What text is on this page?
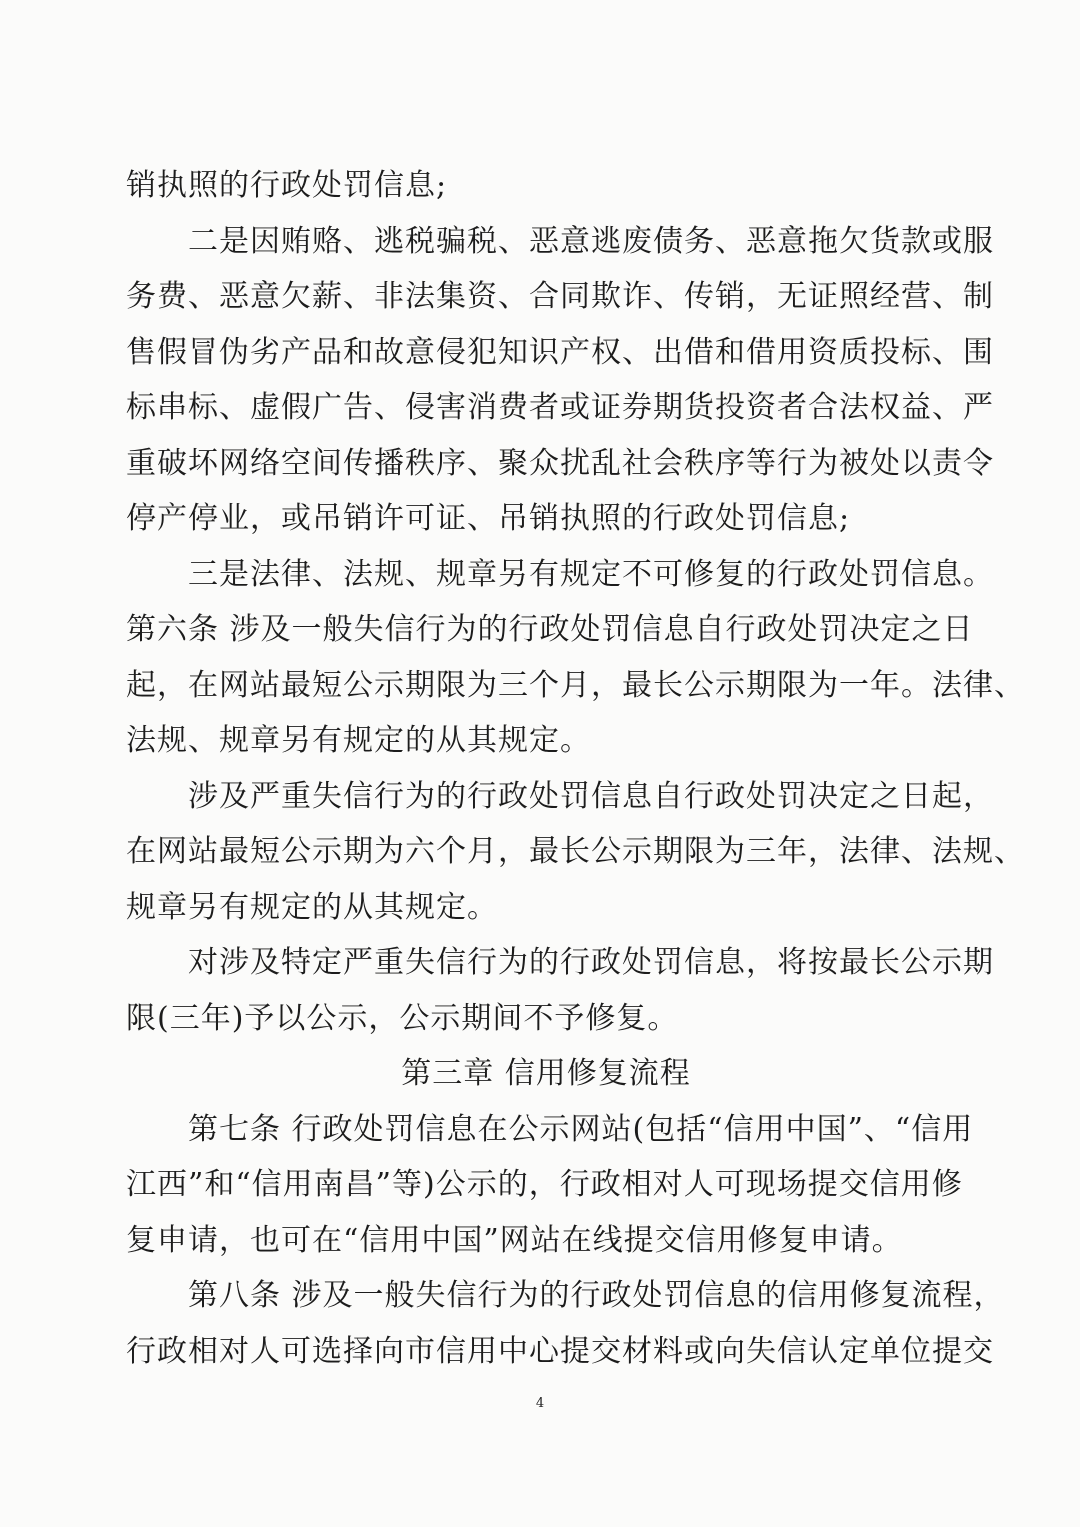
销执照的行政处罚信息;
二是因贿赂、逃税骗税、恶意逃废债务、恶意拖欠货款或服
务费、恶意欠薪、非法集资、合同欺诈、传销，无证照经营、制
售假冒伪劣产品和故意侵犯知识产权、出借和借用资质投标、围
标串标、虚假广告、侵害消费者或证券期货投资者合法权益、严
重破坏网络空间传播秩序、聚众扰乱社会秩序等行为被处以责令
停产停业，或吊销许可证、吊销执照的行政处罚信息;
三是法律、法规、规章另有规定不可修复的行政处罚信息。
第六条 涉及一般失信行为的行政处罚信息自行政处罚决定之日
起，在网站最短公示期限为三个月，最长公示期限为一年。法律、
法规、规章另有规定的从其规定。
涉及严重失信行为的行政处罚信息自行政处罚决定之日起，
在网站最短公示期为六个月，最长公示期限为三年，法律、法规、
规章另有规定的从其规定。
对涉及特定严重失信行为的行政处罚信息，将按最长公示期
限(三年)予以公示，公示期间不予修复。
第三章 信用修复流程
第七条 行政处罚信息在公示网站(包括“信用中国”、“信用
江西”和“信用南昌”等)公示的，行政相对人可现场提交信用修
复申请，也可在“信用中国”网站在线提交信用修复申请。
第八条 涉及一般失信行为的行政处罚信息的信用修复流程，
行政相对人可选择向市信用中心提交材料或向失信认定单位提交
4
